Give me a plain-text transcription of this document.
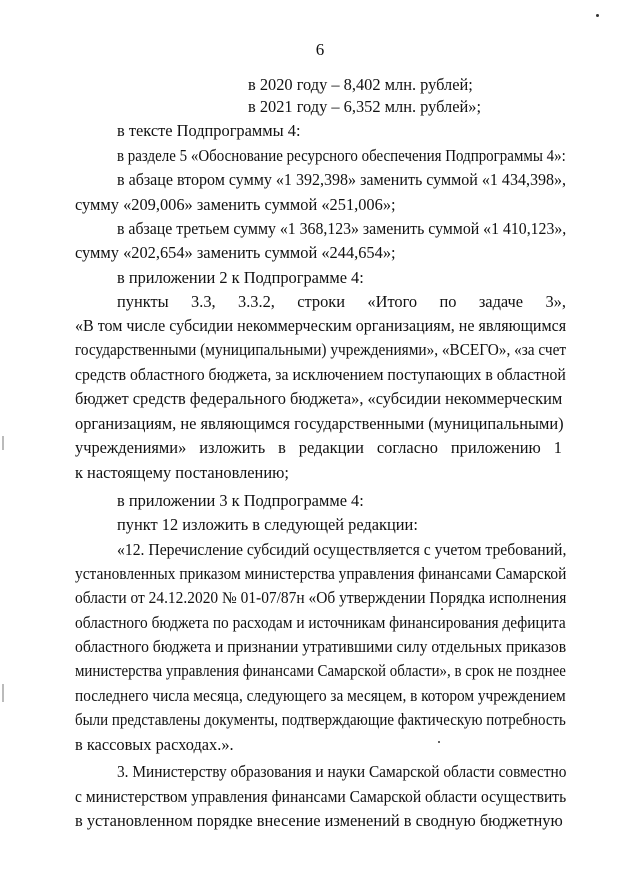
6
в 2020 году – 8,402 млн. рублей;
в 2021 году – 6,352 млн. рублей»;
в тексте Подпрограммы 4:
в разделе 5 «Обоснование ресурсного обеспечения Подпрограммы 4»:
в абзаце втором сумму «1 392,398» заменить суммой «1 434,398»,
сумму «209,006» заменить суммой «251,006»;
в абзаце третьем сумму «1 368,123» заменить суммой «1 410,123»,
сумму «202,654» заменить суммой «244,654»;
в приложении 2 к Подпрограмме 4:
пункты 3.3, 3.3.2, строки «Итого по задаче 3»,
«В том числе субсидии некоммерческим организациям, не являющимся
государственными (муниципальными) учреждениями», «ВСЕГО», «за счет
средств областного бюджета, за исключением поступающих в областной
бюджет средств федерального бюджета», «субсидии некоммерческим
организациям, не являющимся государственными (муниципальными)
учреждениями» изложить в редакции согласно приложению 1
к настоящему постановлению;
в приложении 3 к Подпрограмме 4:
пункт 12 изложить в следующей редакции:
«12. Перечисление субсидий осуществляется с учетом требований,
установленных приказом министерства управления финансами Самарской
области от 24.12.2020 № 01-07/87н «Об утверждении Порядка исполнения
областного бюджета по расходам и источникам финансирования дефицита
областного бюджета и признании утратившими силу отдельных приказов
министерства управления финансами Самарской области», в срок не позднее
последнего числа месяца, следующего за месяцем, в котором учреждением
были представлены документы, подтверждающие фактическую потребность
в кассовых расходах.».
3. Министерству образования и науки Самарской области совместно
с министерством управления финансами Самарской области осуществить
в установленном порядке внесение изменений в сводную бюджетную
